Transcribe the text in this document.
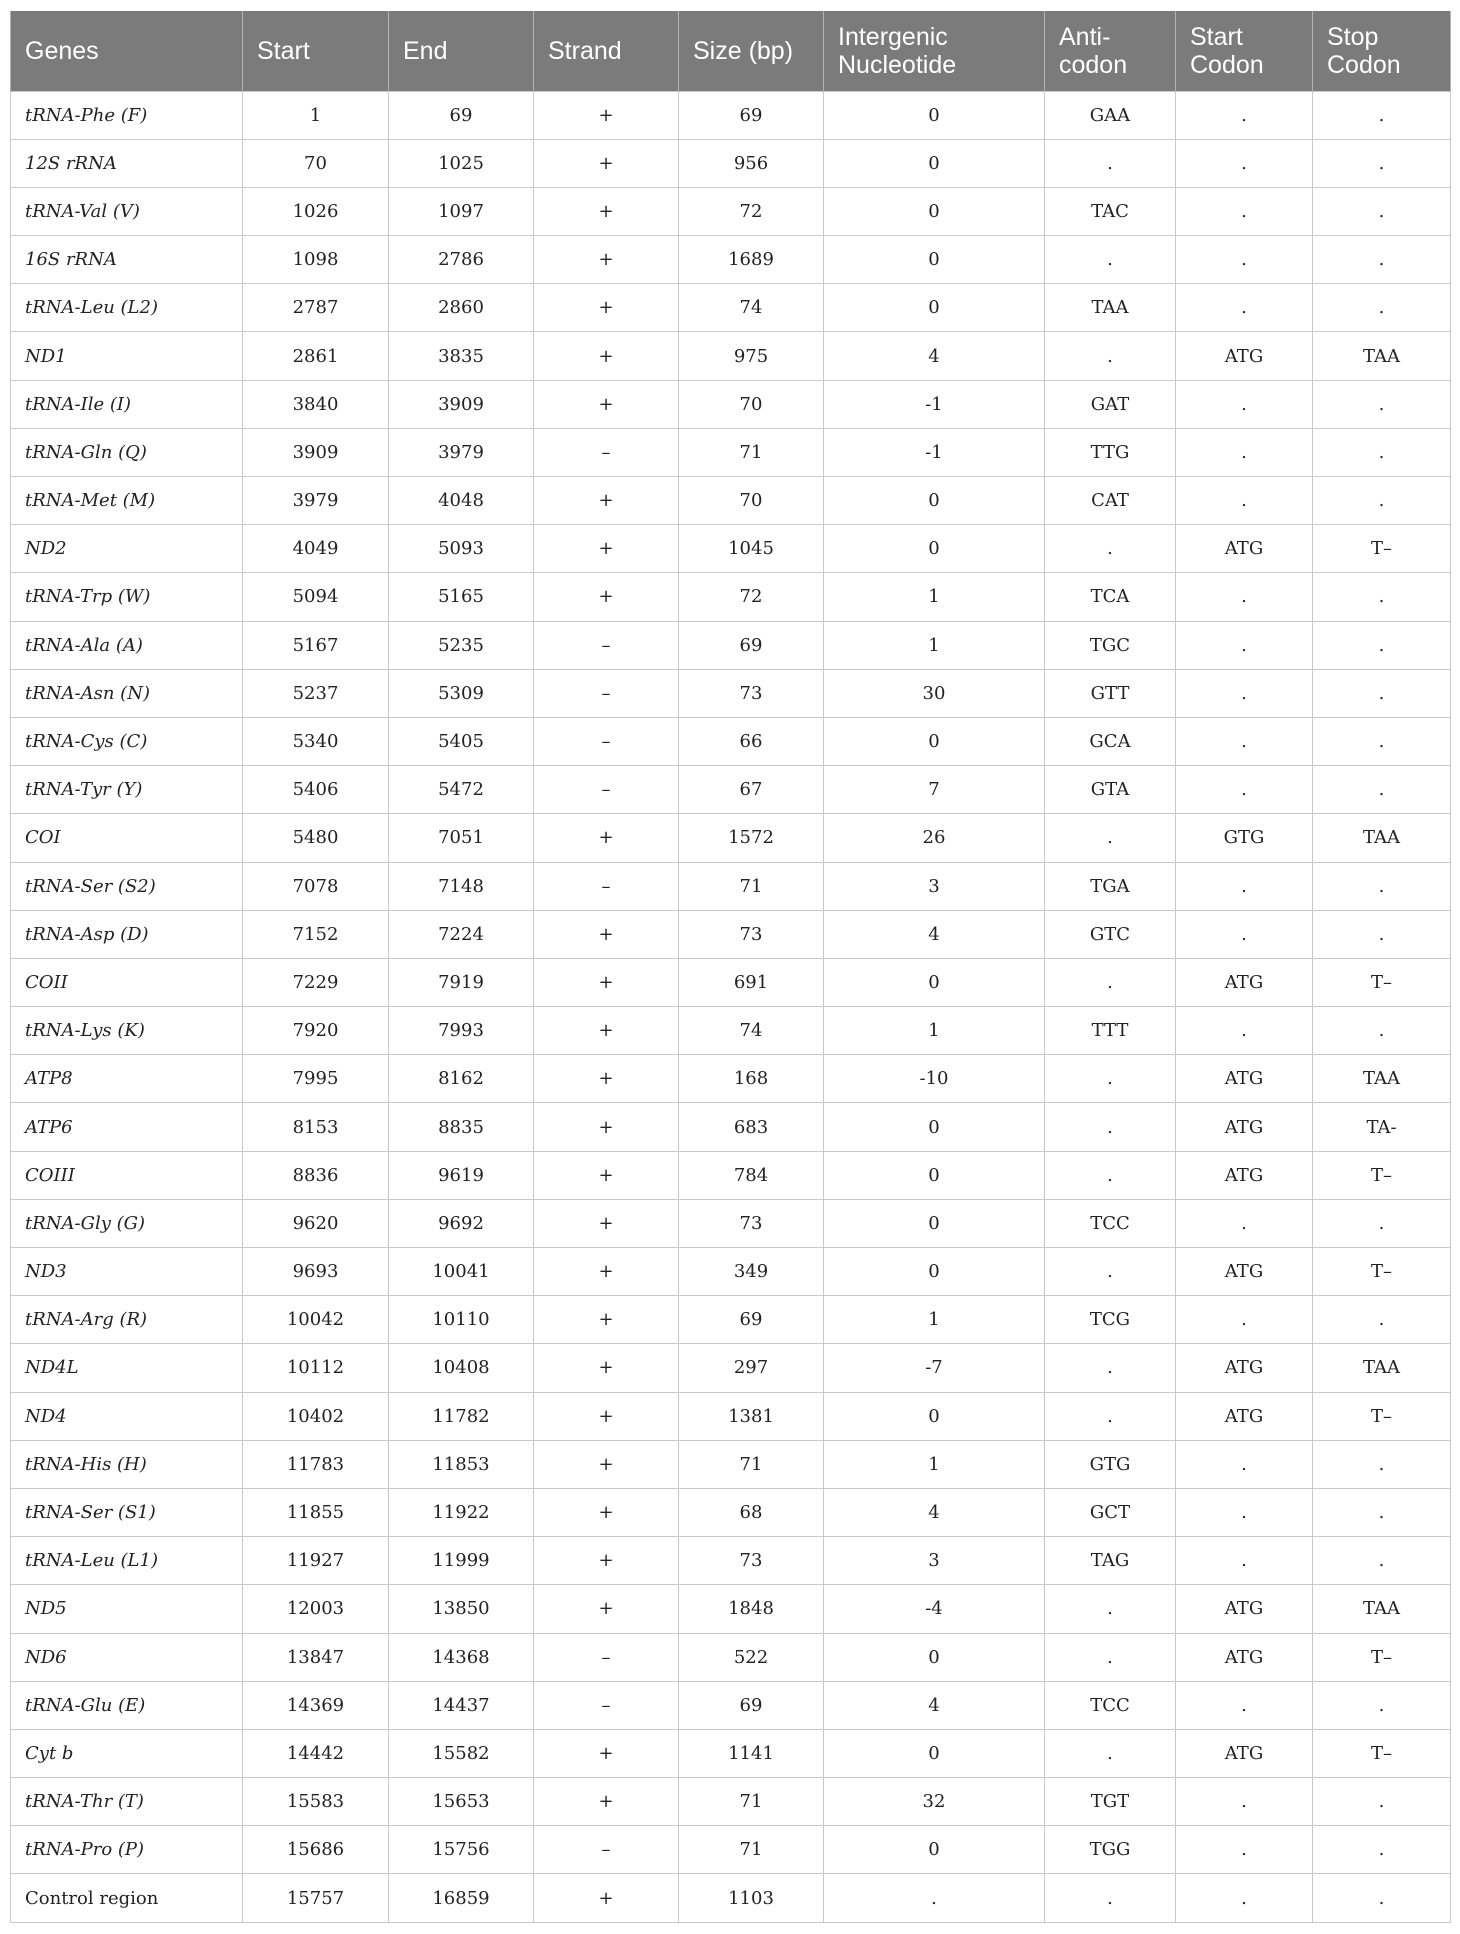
Genes	Start	End	Strand	Size (bp)	Intergenic Nucleotide	Anti-codon	Start Codon	Stop Codon
tRNA-Phe (F)	1	69	+	69	0	GAA	.	.
12S rRNA	70	1025	+	956	0	.	.	.
tRNA-Val (V)	1026	1097	+	72	0	TAC	.	.
16S rRNA	1098	2786	+	1689	0	.	.	.
tRNA-Leu (L2)	2787	2860	+	74	0	TAA	.	.
ND1	2861	3835	+	975	4	.	ATG	TAA
tRNA-Ile (I)	3840	3909	+	70	-1	GAT	.	.
tRNA-Gln (Q)	3909	3979	–	71	-1	TTG	.	.
tRNA-Met (M)	3979	4048	+	70	0	CAT	.	.
ND2	4049	5093	+	1045	0	.	ATG	T–
tRNA-Trp (W)	5094	5165	+	72	1	TCA	.	.
tRNA-Ala (A)	5167	5235	–	69	1	TGC	.	.
tRNA-Asn (N)	5237	5309	–	73	30	GTT	.	.
tRNA-Cys (C)	5340	5405	–	66	0	GCA	.	.
tRNA-Tyr (Y)	5406	5472	–	67	7	GTA	.	.
COI	5480	7051	+	1572	26	.	GTG	TAA
tRNA-Ser (S2)	7078	7148	–	71	3	TGA	.	.
tRNA-Asp (D)	7152	7224	+	73	4	GTC	.	.
COII	7229	7919	+	691	0	.	ATG	T–
tRNA-Lys (K)	7920	7993	+	74	1	TTT	.	.
ATP8	7995	8162	+	168	-10	.	ATG	TAA
ATP6	8153	8835	+	683	0	.	ATG	TA-
COIII	8836	9619	+	784	0	.	ATG	T–
tRNA-Gly (G)	9620	9692	+	73	0	TCC	.	.
ND3	9693	10041	+	349	0	.	ATG	T–
tRNA-Arg (R)	10042	10110	+	69	1	TCG	.	.
ND4L	10112	10408	+	297	-7	.	ATG	TAA
ND4	10402	11782	+	1381	0	.	ATG	T–
tRNA-His (H)	11783	11853	+	71	1	GTG	.	.
tRNA-Ser (S1)	11855	11922	+	68	4	GCT	.	.
tRNA-Leu (L1)	11927	11999	+	73	3	TAG	.	.
ND5	12003	13850	+	1848	-4	.	ATG	TAA
ND6	13847	14368	–	522	0	.	ATG	T–
tRNA-Glu (E)	14369	14437	–	69	4	TCC	.	.
Cyt b	14442	15582	+	1141	0	.	ATG	T–
tRNA-Thr (T)	15583	15653	+	71	32	TGT	.	.
tRNA-Pro (P)	15686	15756	–	71	0	TGG	.	.
Control region	15757	16859	+	1103	.	.	.	.
